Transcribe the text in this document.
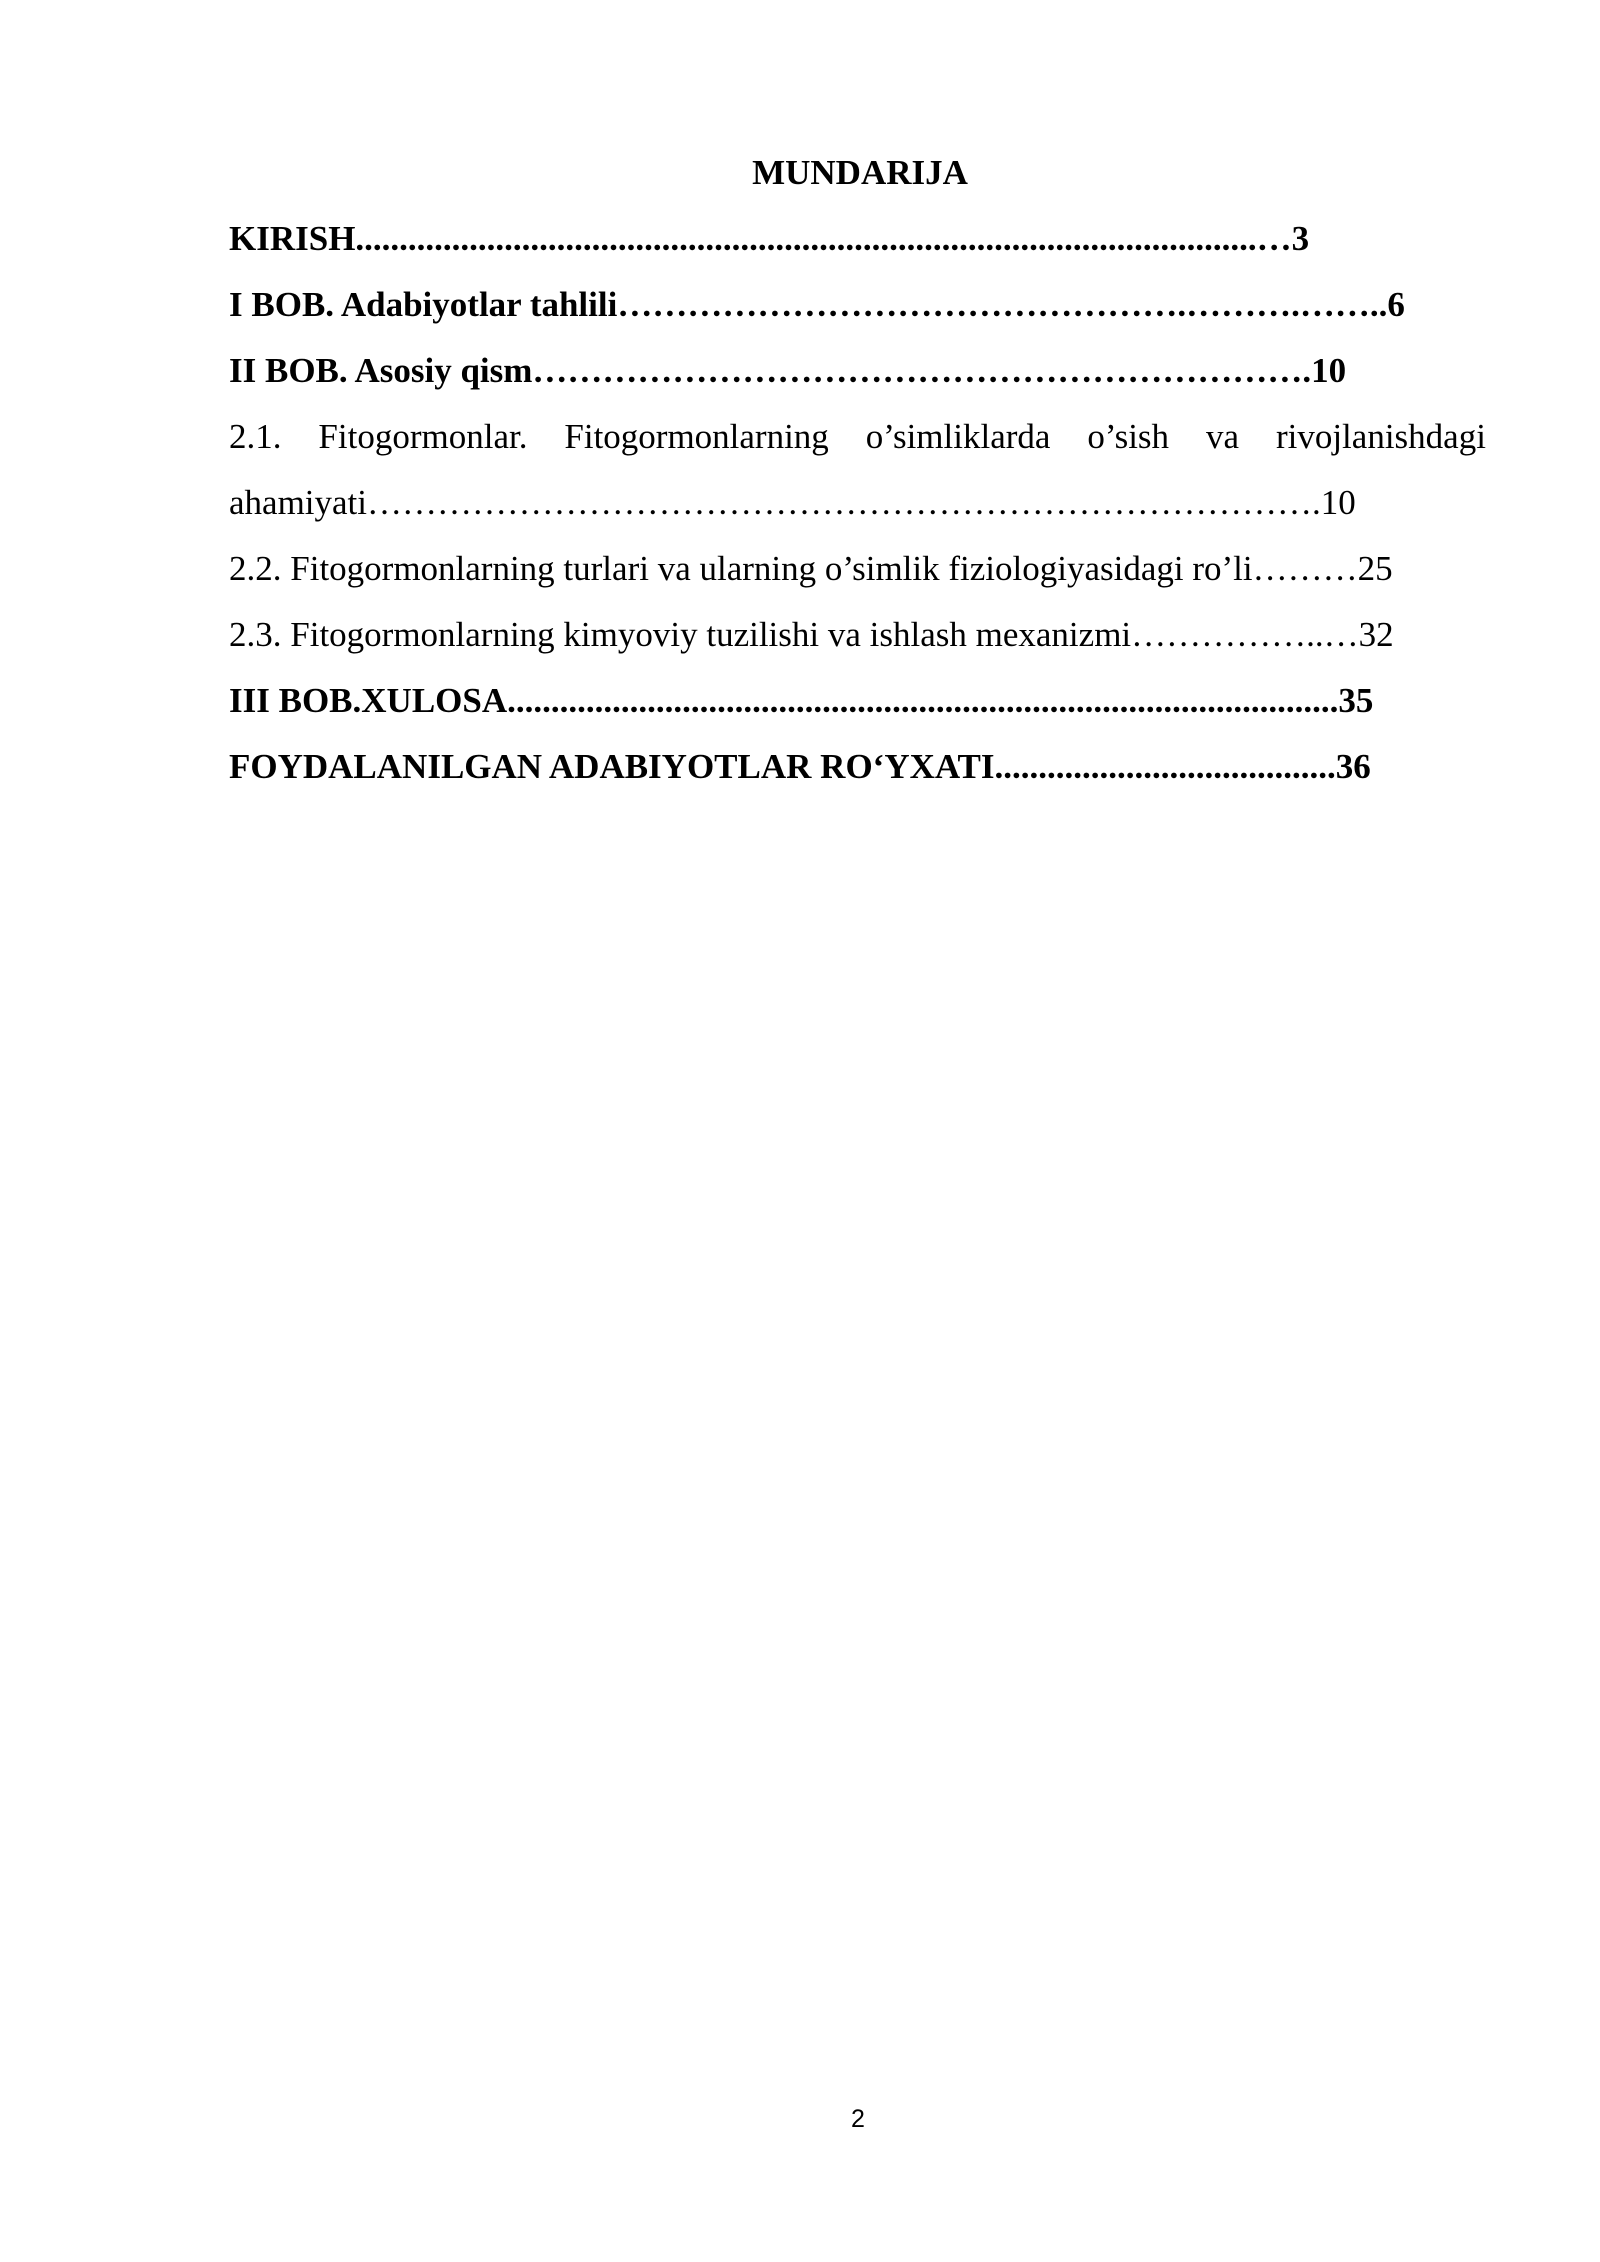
MUNDARIJA
KIRISH.......................................................................................................…3
I BOB. Adabiyotlar tahlili………………………………………….……….……..6
II BOB. Asosiy qism………………………………………………………….10
2.1. Fitogormonlar. Fitogormonlarning o’simliklarda o’sish va rivojlanishdagi
ahamiyati……………………………………………………………………….10
2.2. Fitogormonlarning turlari va ularning o’simlik fiziologiyasidagi ro’li………25
2.3. Fitogormonlarning kimyoviy tuzilishi va ishlash mexanizmi……………..…32
III BOB.XULOSA...............................................................................................35
FOYDALANILGAN ADABIYOTLAR RO‘YXATI.......................................36
2
